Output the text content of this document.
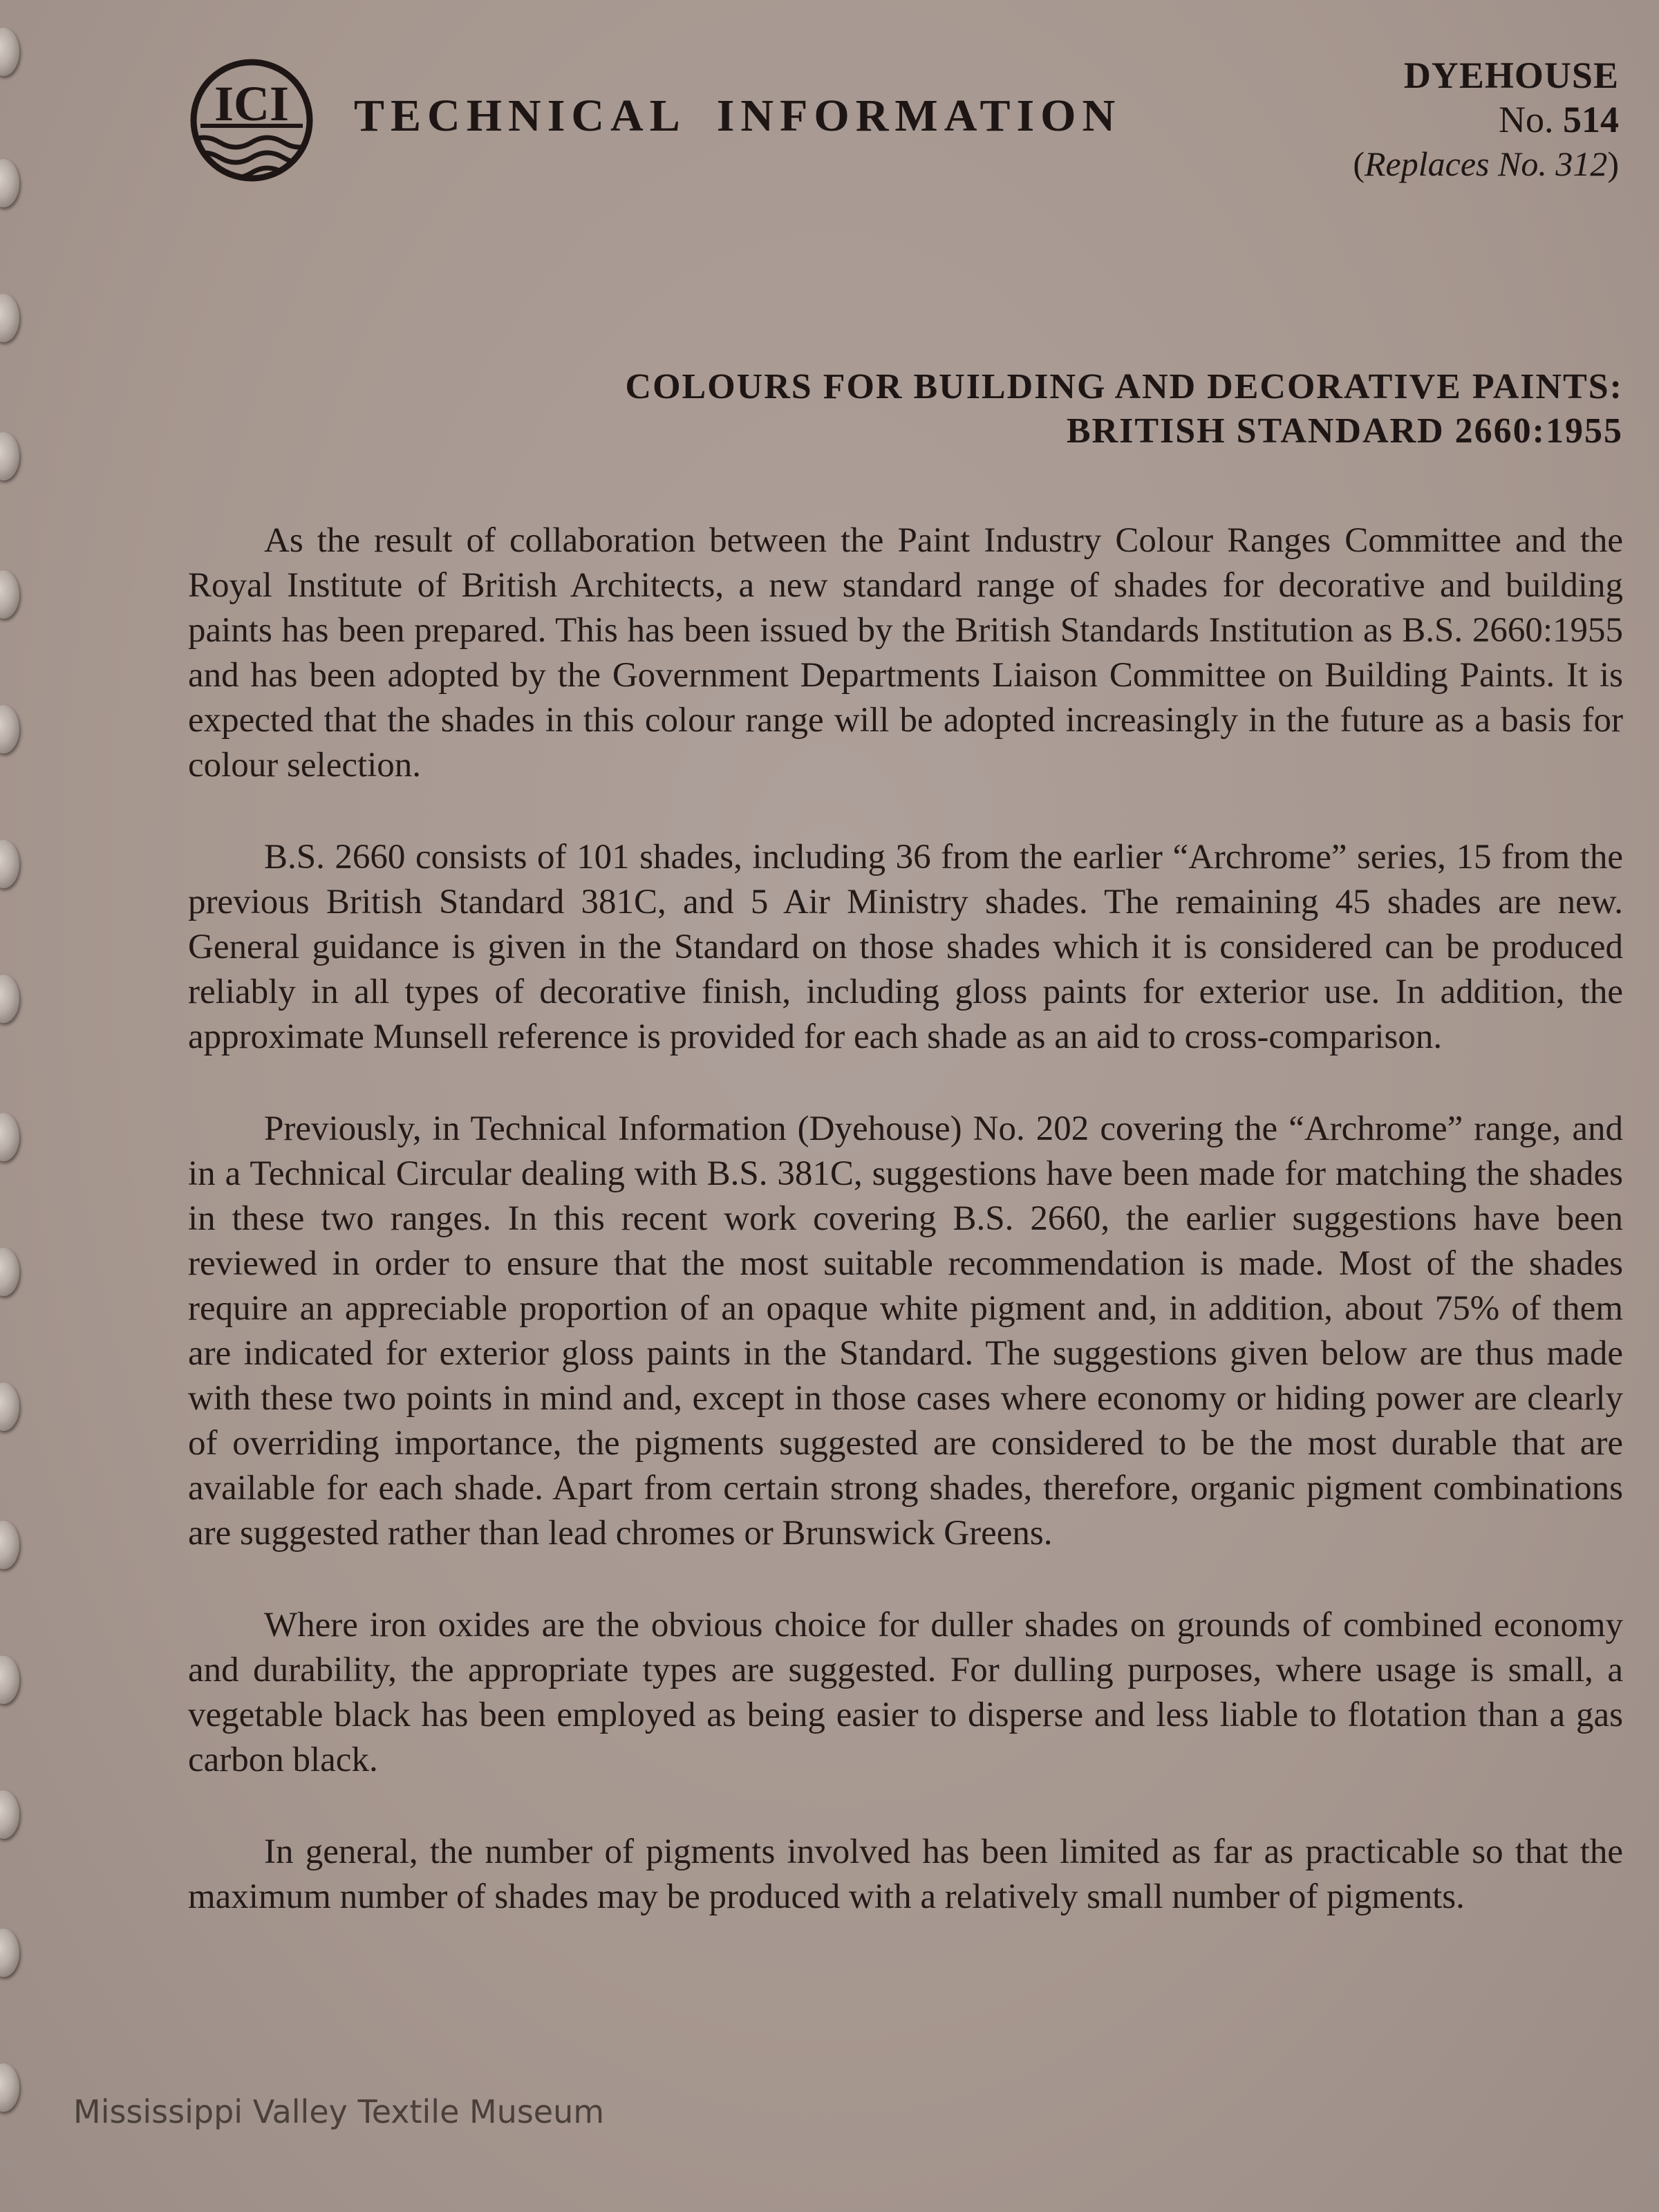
ICI TECHNICAL INFORMATION
DYEHOUSE
No. 514
(Replaces No. 312)
COLOURS FOR BUILDING AND DECORATIVE PAINTS:
BRITISH STANDARD 2660:1955

As the result of collaboration between the Paint Industry Colour Ranges Committee and the Royal Institute of British Architects, a new standard range of shades for decorative and building paints has been prepared. This has been issued by the British Standards Institution as B.S. 2660:1955 and has been adopted by the Government Departments Liaison Committee on Building Paints. It is expected that the shades in this colour range will be adopted increasingly in the future as a basis for colour selection.

B.S. 2660 consists of 101 shades, including 36 from the earlier “Archrome” series, 15 from the previous British Standard 381C, and 5 Air Ministry shades. The remaining 45 shades are new. General guidance is given in the Standard on those shades which it is considered can be produced reliably in all types of decorative finish, including gloss paints for exterior use. In addition, the approximate Munsell reference is provided for each shade as an aid to cross-comparison.

Previously, in Technical Information (Dyehouse) No. 202 covering the “Archrome” range, and in a Technical Circular dealing with B.S. 381C, suggestions have been made for matching the shades in these two ranges. In this recent work covering B.S. 2660, the earlier suggestions have been reviewed in order to ensure that the most suitable recommendation is made. Most of the shades require an appreciable proportion of an opaque white pigment and, in addition, about 75% of them are indicated for exterior gloss paints in the Standard. The suggestions given below are thus made with these two points in mind and, except in those cases where economy or hiding power are clearly of overriding importance, the pigments suggested are considered to be the most durable that are available for each shade. Apart from certain strong shades, therefore, organic pigment combinations are suggested rather than lead chromes or Brunswick Greens.

Where iron oxides are the obvious choice for duller shades on grounds of combined economy and durability, the appropriate types are suggested. For dulling purposes, where usage is small, a vegetable black has been employed as being easier to disperse and less liable to flotation than a gas carbon black.

In general, the number of pigments involved has been limited as far as practicable so that the maximum number of shades may be produced with a relatively small number of pigments.

Mississippi Valley Textile Museum
